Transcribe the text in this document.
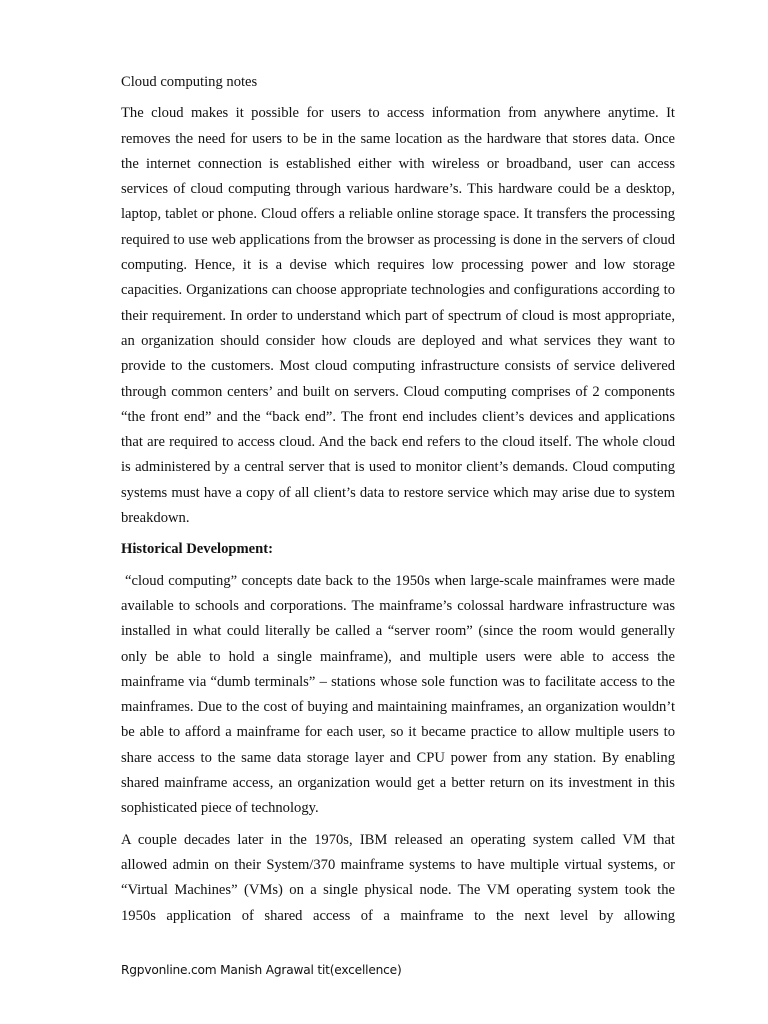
Cloud computing notes

The cloud makes it possible for users to access information from anywhere anytime. It removes the need for users to be in the same location as the hardware that stores data. Once the internet connection is established either with wireless or broadband, user can access services of cloud computing through various hardware’s. This hardware could be a desktop, laptop, tablet or phone. Cloud offers a reliable online storage space. It transfers the processing required to use web applications from the browser as processing is done in the servers of cloud computing. Hence, it is a devise which requires low processing power and low storage capacities. Organizations can choose appropriate technologies and configurations according to their requirement. In order to understand which part of spectrum of cloud is most appropriate, an organization should consider how clouds are deployed and what services they want to provide to the customers. Most cloud computing infrastructure consists of service delivered through common centers’ and built on servers. Cloud computing comprises of 2 components “the front end” and the “back end”. The front end includes client’s devices and applications that are required to access cloud. And the back end refers to the cloud itself. The whole cloud is administered by a central server that is used to monitor client’s demands. Cloud computing systems must have a copy of all client’s data to restore service which may arise due to system breakdown.

Historical Development:

“cloud computing” concepts date back to the 1950s when large-scale mainframes were made available to schools and corporations. The mainframe’s colossal hardware infrastructure was installed in what could literally be called a “server room” (since the room would generally only be able to hold a single mainframe), and multiple users were able to access the mainframe via “dumb terminals” – stations whose sole function was to facilitate access to the mainframes. Due to the cost of buying and maintaining mainframes, an organization wouldn’t be able to afford a mainframe for each user, so it became practice to allow multiple users to share access to the same data storage layer and CPU power from any station. By enabling shared mainframe access, an organization would get a better return on its investment in this sophisticated piece of technology.

A couple decades later in the 1970s, IBM released an operating system called VM that allowed admin on their System/370 mainframe systems to have multiple virtual systems, or “Virtual Machines” (VMs) on a single physical node. The VM operating system took the 1950s application of shared access of a mainframe to the next level by allowing

Rgpvonline.com Manish Agrawal tit(excellence)
